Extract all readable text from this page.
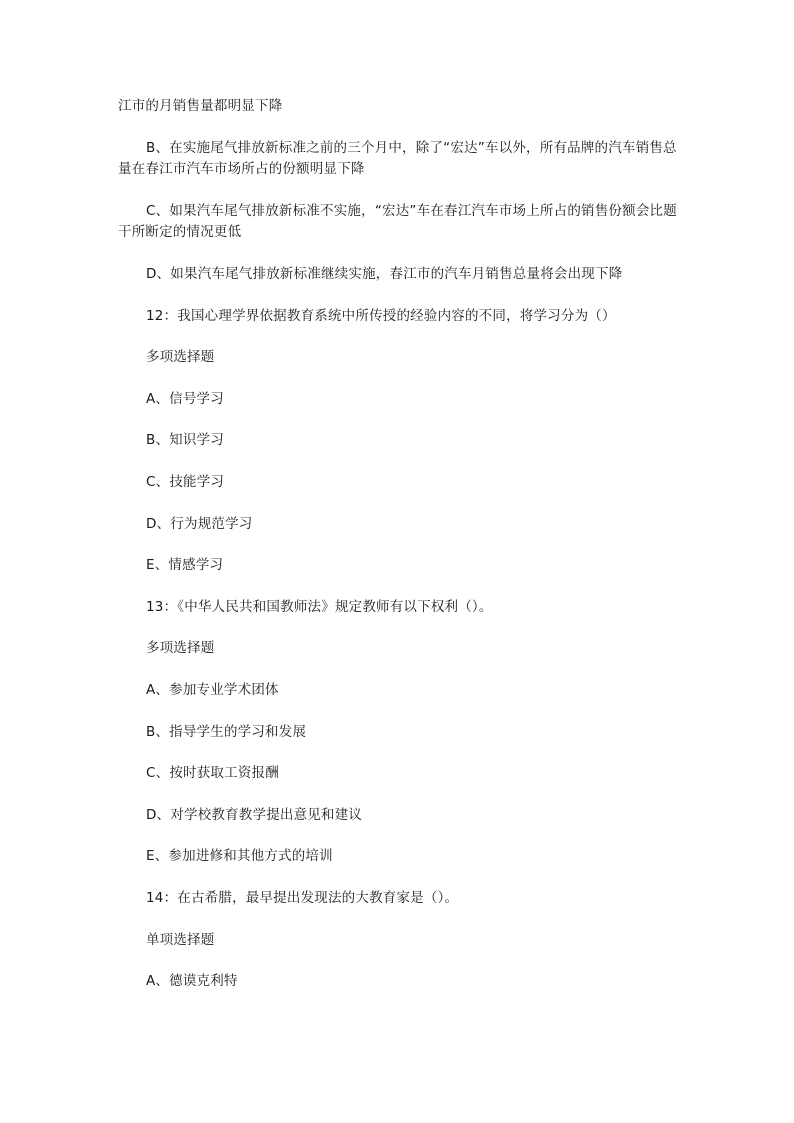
江市的月销售量都明显下降

B、在实施尾气排放新标准之前的三个月中，除了“宏达”车以外，所有品牌的汽车销售总量在春江市汽车市场所占的份额明显下降

C、如果汽车尾气排放新标准不实施，“宏达”车在春江汽车市场上所占的销售份额会比题干所断定的情况更低

D、如果汽车尾气排放新标准继续实施，春江市的汽车月销售总量将会出现下降

12：我国心理学界依据教育系统中所传授的经验内容的不同，将学习分为（）

多项选择题

A、信号学习

B、知识学习

C、技能学习

D、行为规范学习

E、情感学习

13：《中华人民共和国教师法》规定教师有以下权利（）。

多项选择题

A、参加专业学术团体

B、指导学生的学习和发展

C、按时获取工资报酬

D、对学校教育教学提出意见和建议

E、参加进修和其他方式的培训

14：在古希腊，最早提出发现法的大教育家是（）。

单项选择题

A、德谟克利特
